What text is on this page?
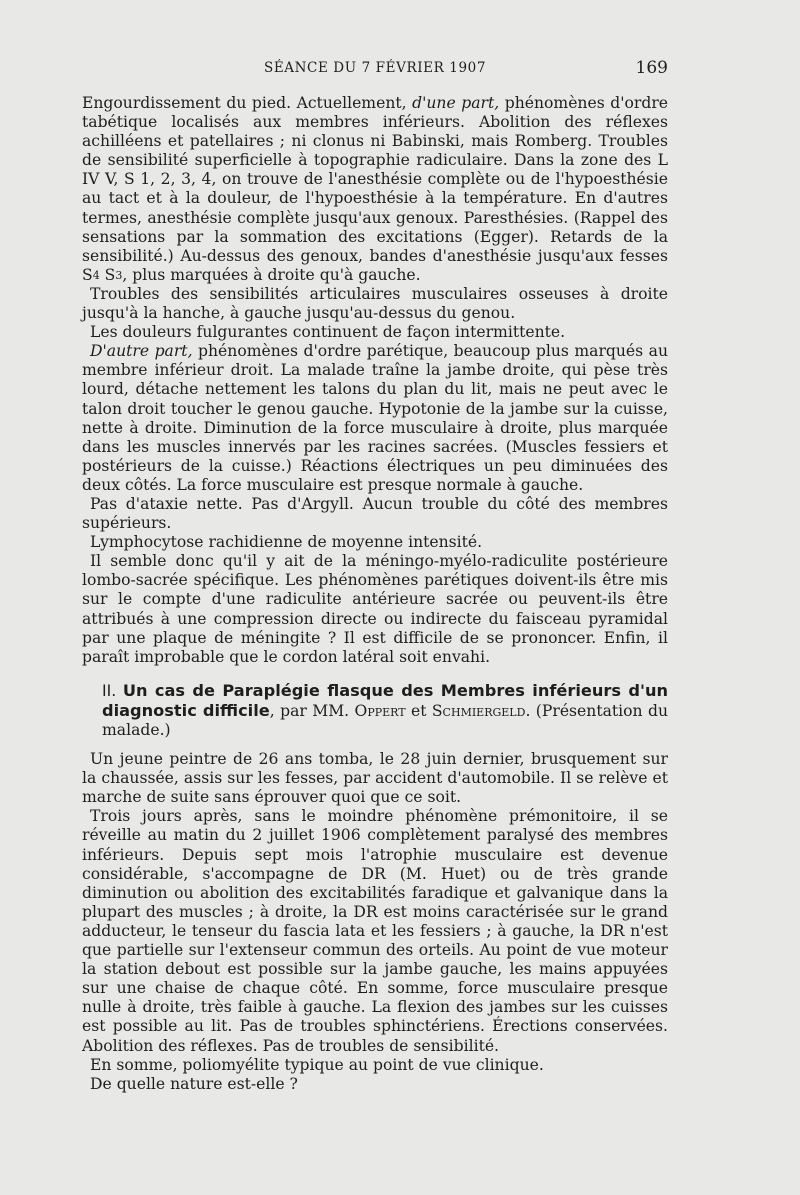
SÉANCE DU 7 FÉVRIER 1907	169

Engourdissement du pied. Actuellement, d'une part, phénomènes d'ordre tabétique localisés aux membres inférieurs. Abolition des réflexes achilléens et patellaires ; ni clonus ni Babinski, mais Romberg. Troubles de sensibilité superficielle à topographie radiculaire. Dans la zone des L IV V, S 1, 2, 3, 4, on trouve de l'anesthésie complète ou de l'hypoesthésie au tact et à la douleur, de l'hypoesthésie à la température. En d'autres termes, anesthésie complète jusqu'aux genoux. Paresthésies. (Rappel des sensations par la sommation des excitations (Egger). Retards de la sensibilité.) Au-dessus des genoux, bandes d'anesthésie jusqu'aux fesses $S^4$ $S^3$, plus marquées à droite qu'à gauche.

Troubles des sensibilités articulaires musculaires osseuses à droite jusqu'à la hanche, à gauche jusqu'au-dessus du genou.

Les douleurs fulgurantes continuent de façon intermittente.

D'autre part, phénomènes d'ordre parétique, beaucoup plus marqués au membre inférieur droit. La malade traîne la jambe droite, qui pèse très lourd, détache nettement les talons du plan du lit, mais ne peut avec le talon droit toucher le genou gauche. Hypotonie de la jambe sur la cuisse, nette à droite. Diminution de la force musculaire à droite, plus marquée dans les muscles innervés par les racines sacrées. (Muscles fessiers et postérieurs de la cuisse.) Réactions électriques un peu diminuées des deux côtés. La force musculaire est presque normale à gauche.

Pas d'ataxie nette. Pas d'Argyll. Aucun trouble du côté des membres supérieurs.

Lymphocytose rachidienne de moyenne intensité.

Il semble donc qu'il y ait de la méningo-myélo-radiculite postérieure lombo-sacrée spécifique. Les phénomènes parétiques doivent-ils être mis sur le compte d'une radiculite antérieure sacrée ou peuvent-ils être attribués à une compression directe ou indirecte du faisceau pyramidal par une plaque de méningite ? Il est difficile de se prononcer. Enfin, il paraît improbable que le cordon latéral soit envahi.

II. Un cas de Paraplégie flasque des Membres inférieurs d'un diagnostic difficile, par MM. Oppert et Schmiergeld. (Présentation du malade.)

Un jeune peintre de 26 ans tomba, le 28 juin dernier, brusquement sur la chaussée, assis sur les fesses, par accident d'automobile. Il se relève et marche de suite sans éprouver quoi que ce soit.

Trois jours après, sans le moindre phénomène prémonitoire, il se réveille au matin du 2 juillet 1906 complètement paralysé des membres inférieurs. Depuis sept mois l'atrophie musculaire est devenue considérable, s'accompagne de DR (M. Huet) ou de très grande diminution ou abolition des excitabilités faradique et galvanique dans la plupart des muscles ; à droite, la DR est moins caractérisée sur le grand adducteur, le tenseur du fascia lata et les fessiers ; à gauche, la DR n'est que partielle sur l'extenseur commun des orteils. Au point de vue moteur la station debout est possible sur la jambe gauche, les mains appuyées sur une chaise de chaque côté. En somme, force musculaire presque nulle à droite, très faible à gauche. La flexion des jambes sur les cuisses est possible au lit. Pas de troubles sphinctériens. Érections conservées. Abolition des réflexes. Pas de troubles de sensibilité.

En somme, poliomyélite typique au point de vue clinique.

De quelle nature est-elle ?
